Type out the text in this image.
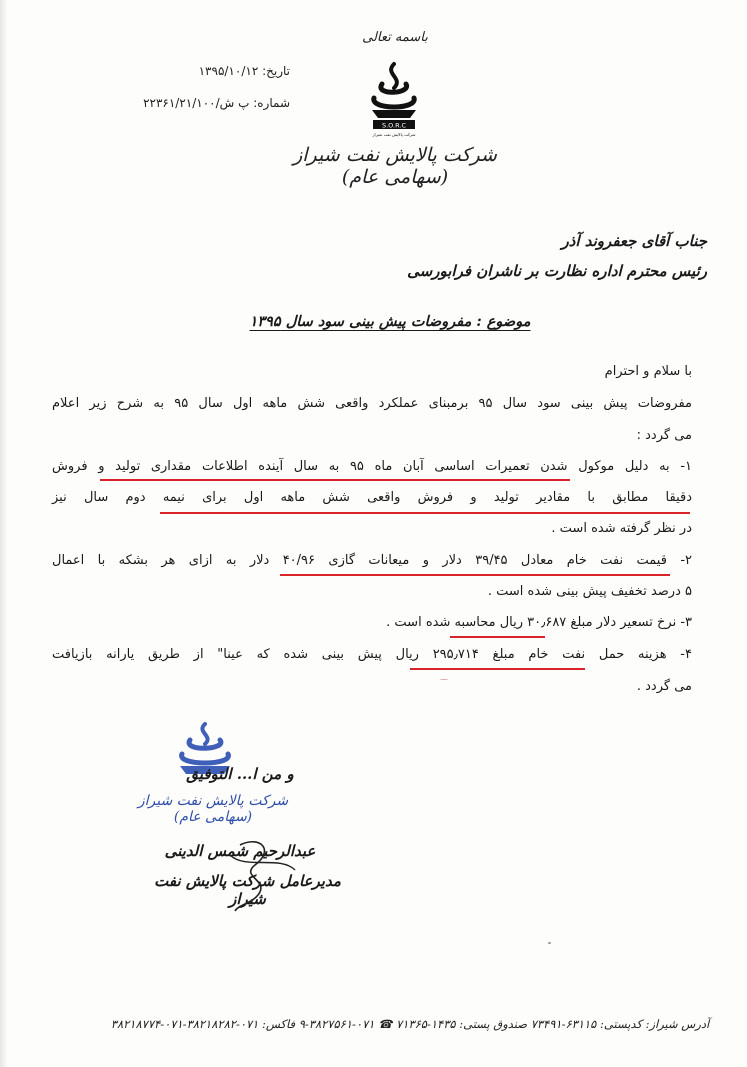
باسمه تعالی
S.O.R.C
شرکت پالایش نفت شیراز
شرکت پالایش نفت شیراز (سهامی عام)
تاریخ: ۱۳۹۵/۱۰/۱۲
شماره: پ ش/۲۲۳۶۱/۲۱/۱۰۰
جناب آقای جعفروند آذر
رئیس محترم اداره نظارت بر ناشران فرابورسی
موضوع : مفروضات پیش بینی سود سال ۱۳۹۵
با سلام و احترام
مفروضات پیش بینی سود سال ۹۵ برمبنای عملکرد واقعی شش ماهه اول سال ۹۵ به شرح زیر اعلام
می گردد :
۱- به دلیل موکول شدن تعمیرات اساسی آبان ماه ۹۵ به سال آینده اطلاعات مقداری تولید و فروش
دقیقا مطابق با مقادیر تولید و فروش واقعی شش ماهه اول برای نیمه دوم سال نیز
در نظر گرفته شده است .
۲- قیمت نفت خام معادل ۳۹/۴۵ دلار و میعانات گازی ۴۰/۹۶ دلار به ازای هر بشکه با اعمال
۵ درصد تخفیف پیش بینی شده است .
۳- نرخ تسعیر دلار مبلغ ۳۰٫۶۸۷ ریال محاسبه شده است .
۴- هزینه حمل نفت خام مبلغ ۲۹۵٫۷۱۴ ریال پیش بینی شده که عینا" از طریق یارانه بازیافت
می گردد .
و من ا... التوفیق
شرکت پالایش نفت شیراز (سهامی عام)
عبدالرحیم شمس الدینی
مدیرعامل شرکت پالایش نفت شیراز
آدرس شیراز: کدپستی: ۶۳۱۱۵-۷۳۴۹۱ صندوق پستی: ۱۴۳۵-۷۱۳۶۵ ☎ ۰۷۱-۳۸۲۷۵۶۱-۹ فاکس: ۰۷۱-۳۸۲۱۸۲۸۲-۰۷۱-۳۸۲۱۸۷۷۴
